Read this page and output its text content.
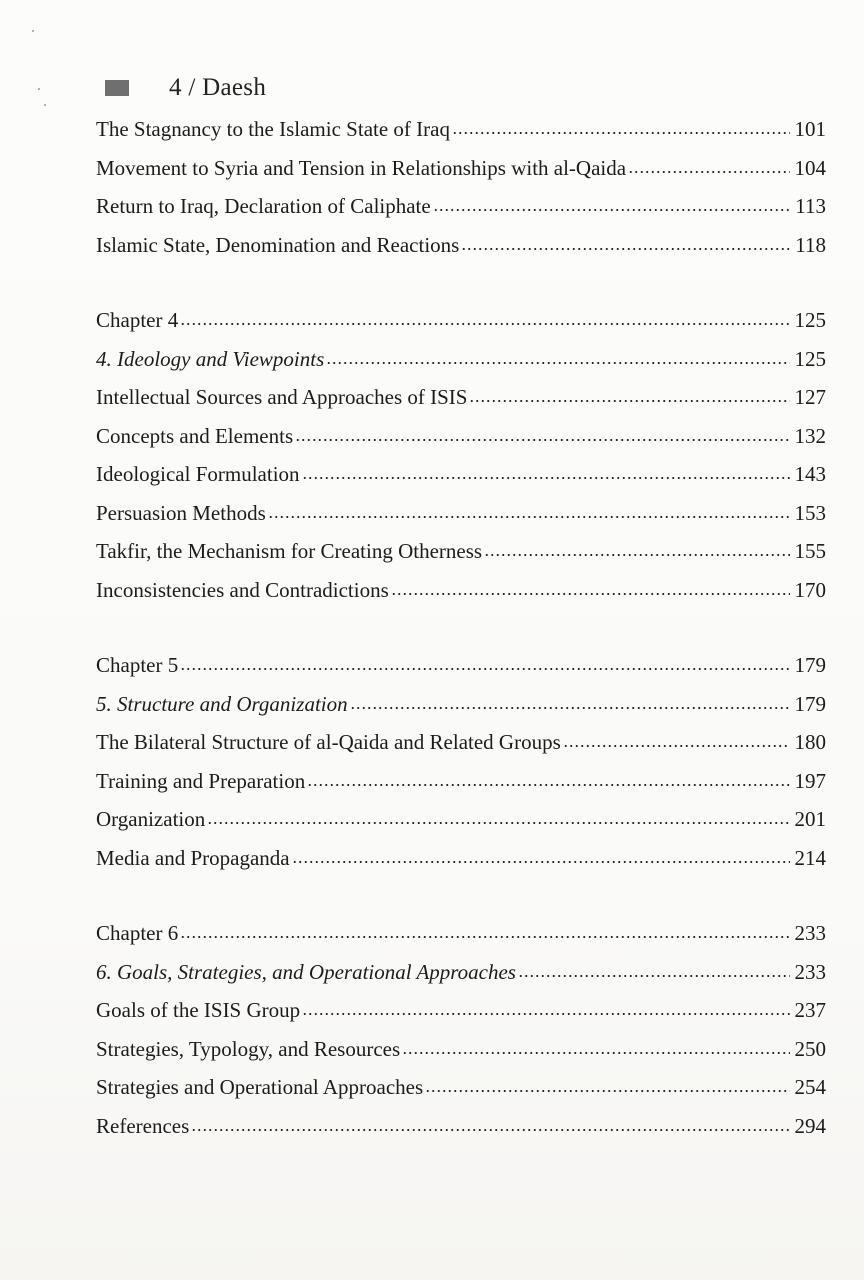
4 / Daesh
The Stagnancy to the Islamic State of Iraq	101
Movement to Syria and Tension in Relationships with al-Qaida	104
Return to Iraq, Declaration of Caliphate	113
Islamic State, Denomination and Reactions	118
Chapter 4	125
4. Ideology and Viewpoints	125
Intellectual Sources and Approaches of ISIS	127
Concepts and Elements	132
Ideological Formulation	143
Persuasion Methods	153
Takfir, the Mechanism for Creating Otherness	155
Inconsistencies and Contradictions	170
Chapter 5	179
5. Structure and Organization	179
The Bilateral Structure of al-Qaida and Related Groups	180
Training and Preparation	197
Organization	201
Media and Propaganda	214
Chapter 6	233
6. Goals, Strategies, and Operational Approaches	233
Goals of the ISIS Group	237
Strategies, Typology, and Resources	250
Strategies and Operational Approaches	254
References	294
